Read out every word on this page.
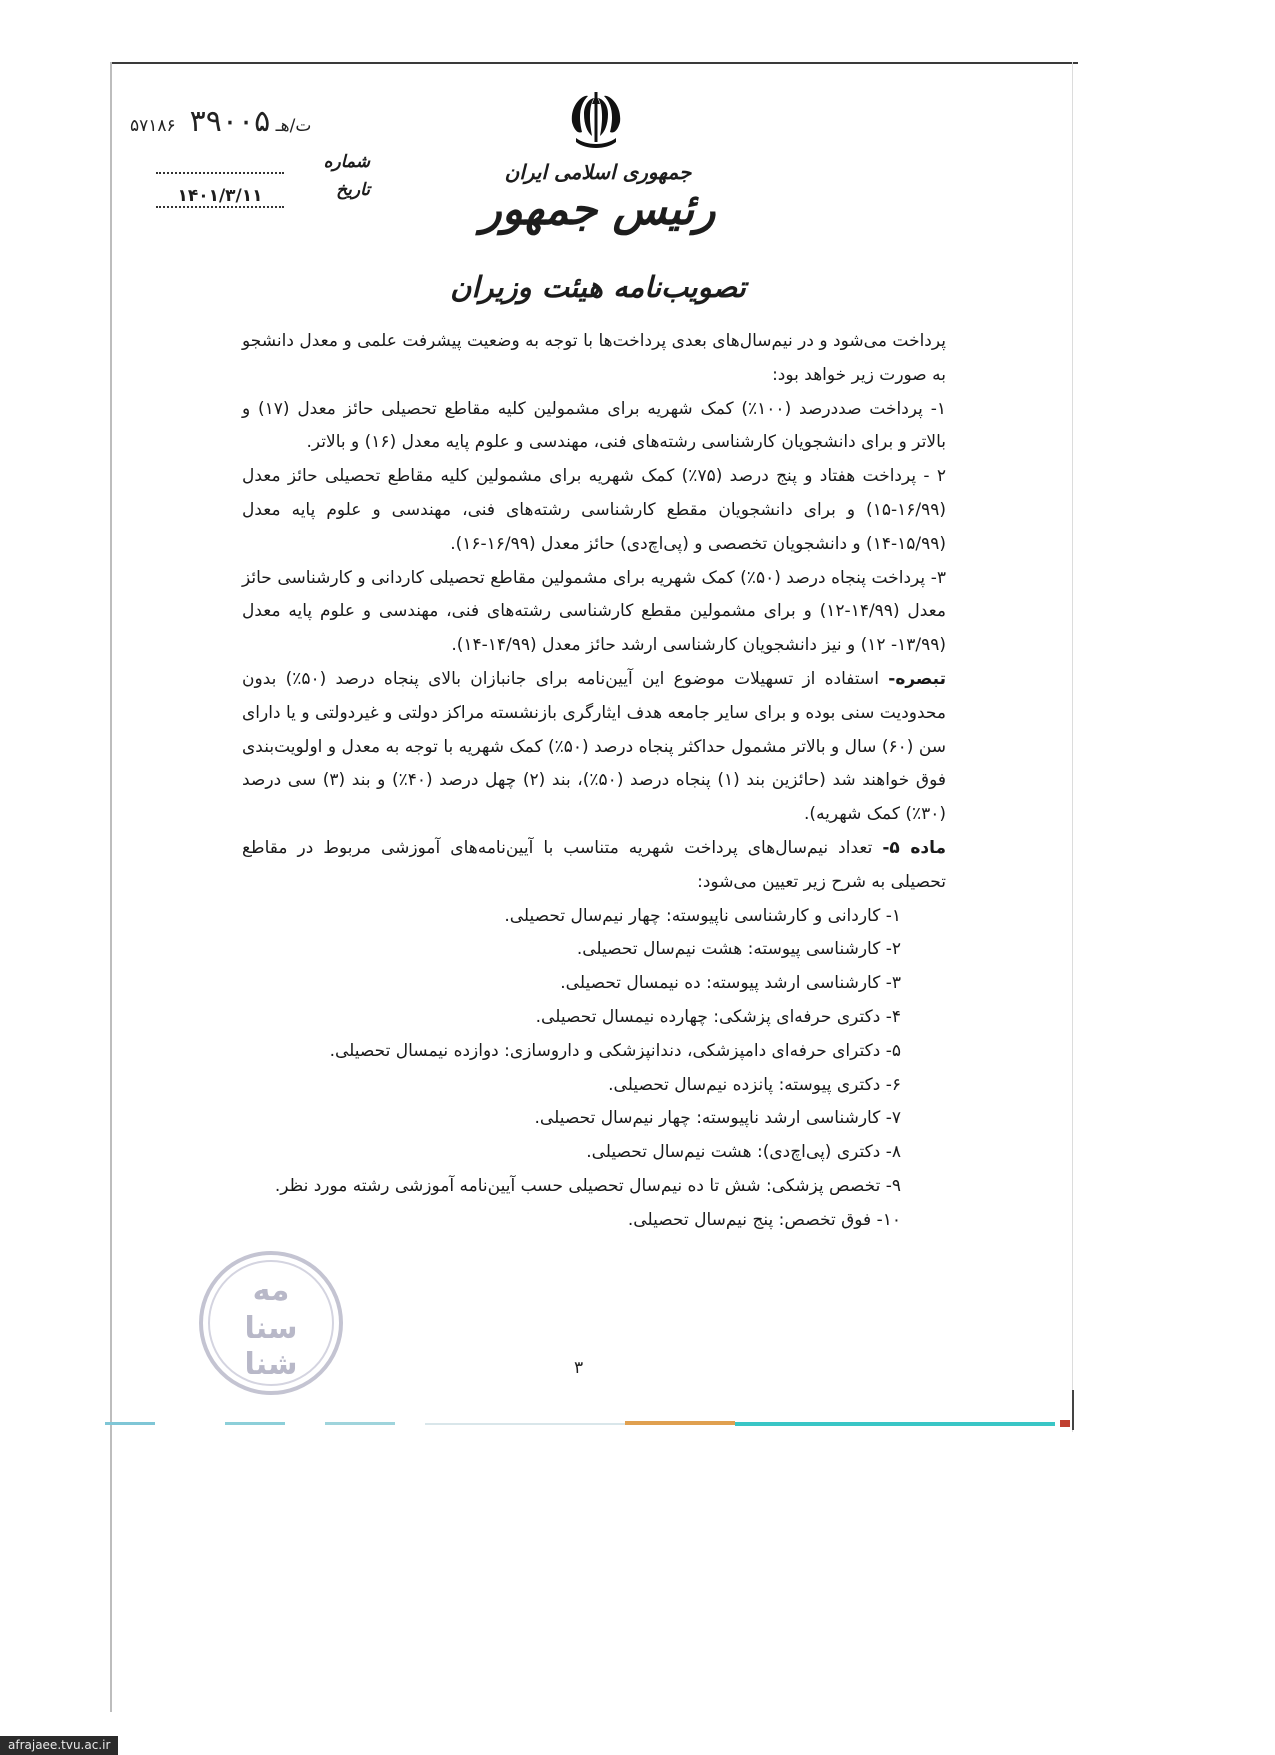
۵۷۱۸۶ت/هـ ۳۹۰۰۵
شماره
تاریخ
۱۴۰۱/۳/۱۱
جمهوری اسلامی ایران
رئیس جمهور
تصویب‌نامه هیئت وزیران

پرداخت می‌شود و در نیم‌سال‌های بعدی پرداخت‌ها با توجه به وضعیت پیشرفت علمی و معدل دانشجو به صورت زیر خواهد بود:

۱- پرداخت صددرصد (۱۰۰٪) کمک شهریه برای مشمولین کلیه مقاطع تحصیلی حائز معدل (۱۷) و بالاتر و برای دانشجویان کارشناسی رشته‌های فنی، مهندسی و علوم پایه معدل (۱۶) و بالاتر.

۲ - پرداخت هفتاد و پنج درصد (۷۵٪) کمک شهریه برای مشمولین کلیه مقاطع تحصیلی حائز معدل (۱۶/۹۹-۱۵) و برای دانشجویان مقطع کارشناسی رشته‌های فنی، مهندسی و علوم پایه معدل (۱۵/۹۹-۱۴) و دانشجویان تخصصی و (پی‌اچ‌دی) حائز معدل (۱۶/۹۹-۱۶).

۳- پرداخت پنجاه درصد (۵۰٪) کمک شهریه برای مشمولین مقاطع تحصیلی کاردانی و کارشناسی حائز معدل (۱۴/۹۹-۱۲) و برای مشمولین مقطع کارشناسی رشته‌های فنی، مهندسی و علوم پایه معدل (۱۳/۹۹- ۱۲) و نیز دانشجویان کارشناسی ارشد حائز معدل (۱۴/۹۹-۱۴).

تبصره- استفاده از تسهیلات موضوع این آیین‌نامه برای جانبازان بالای پنجاه درصد (۵۰٪) بدون محدودیت سنی بوده و برای سایر جامعه هدف ایثارگری بازنشسته مراکز دولتی و غیردولتی و یا دارای سن (۶۰) سال و بالاتر مشمول حداکثر پنجاه درصد (۵۰٪) کمک شهریه با توجه به معدل و اولویت‌بندی فوق خواهند شد (حائزین بند (۱) پنجاه درصد (۵۰٪)، بند (۲) چهل درصد (۴۰٪) و بند (۳) سی درصد (۳۰٪) کمک شهریه).

ماده ۵- تعداد نیم‌سال‌های پرداخت شهریه متناسب با آیین‌نامه‌های آموزشی مربوط در مقاطع تحصیلی به شرح زیر تعیین می‌شود:

۱- کاردانی و کارشناسی ناپیوسته: چهار نیم‌سال تحصیلی.
۲- کارشناسی پیوسته: هشت نیم‌سال تحصیلی.
۳- کارشناسی ارشد پیوسته: ده نیمسال تحصیلی.
۴- دکتری حرفه‌ای پزشکی: چهارده نیمسال تحصیلی.
۵- دکترای حرفه‌ای دامپزشکی، دندانپزشکی و داروسازی: دوازده نیمسال تحصیلی.
۶- دکتری پیوسته: پانزده نیم‌سال تحصیلی.
۷- کارشناسی ارشد ناپیوسته: چهار نیم‌سال تحصیلی.
۸- دکتری (پی‌اچ‌دی): هشت نیم‌سال تحصیلی.
۹- تخصص پزشکی: شش تا ده نیم‌سال تحصیلی حسب آیین‌نامه آموزشی رشته مورد نظر.
۱۰- فوق تخصص: پنج نیم‌سال تحصیلی.
مه
سنا
شنا	۳
afrajaee.tvu.ac.ir
